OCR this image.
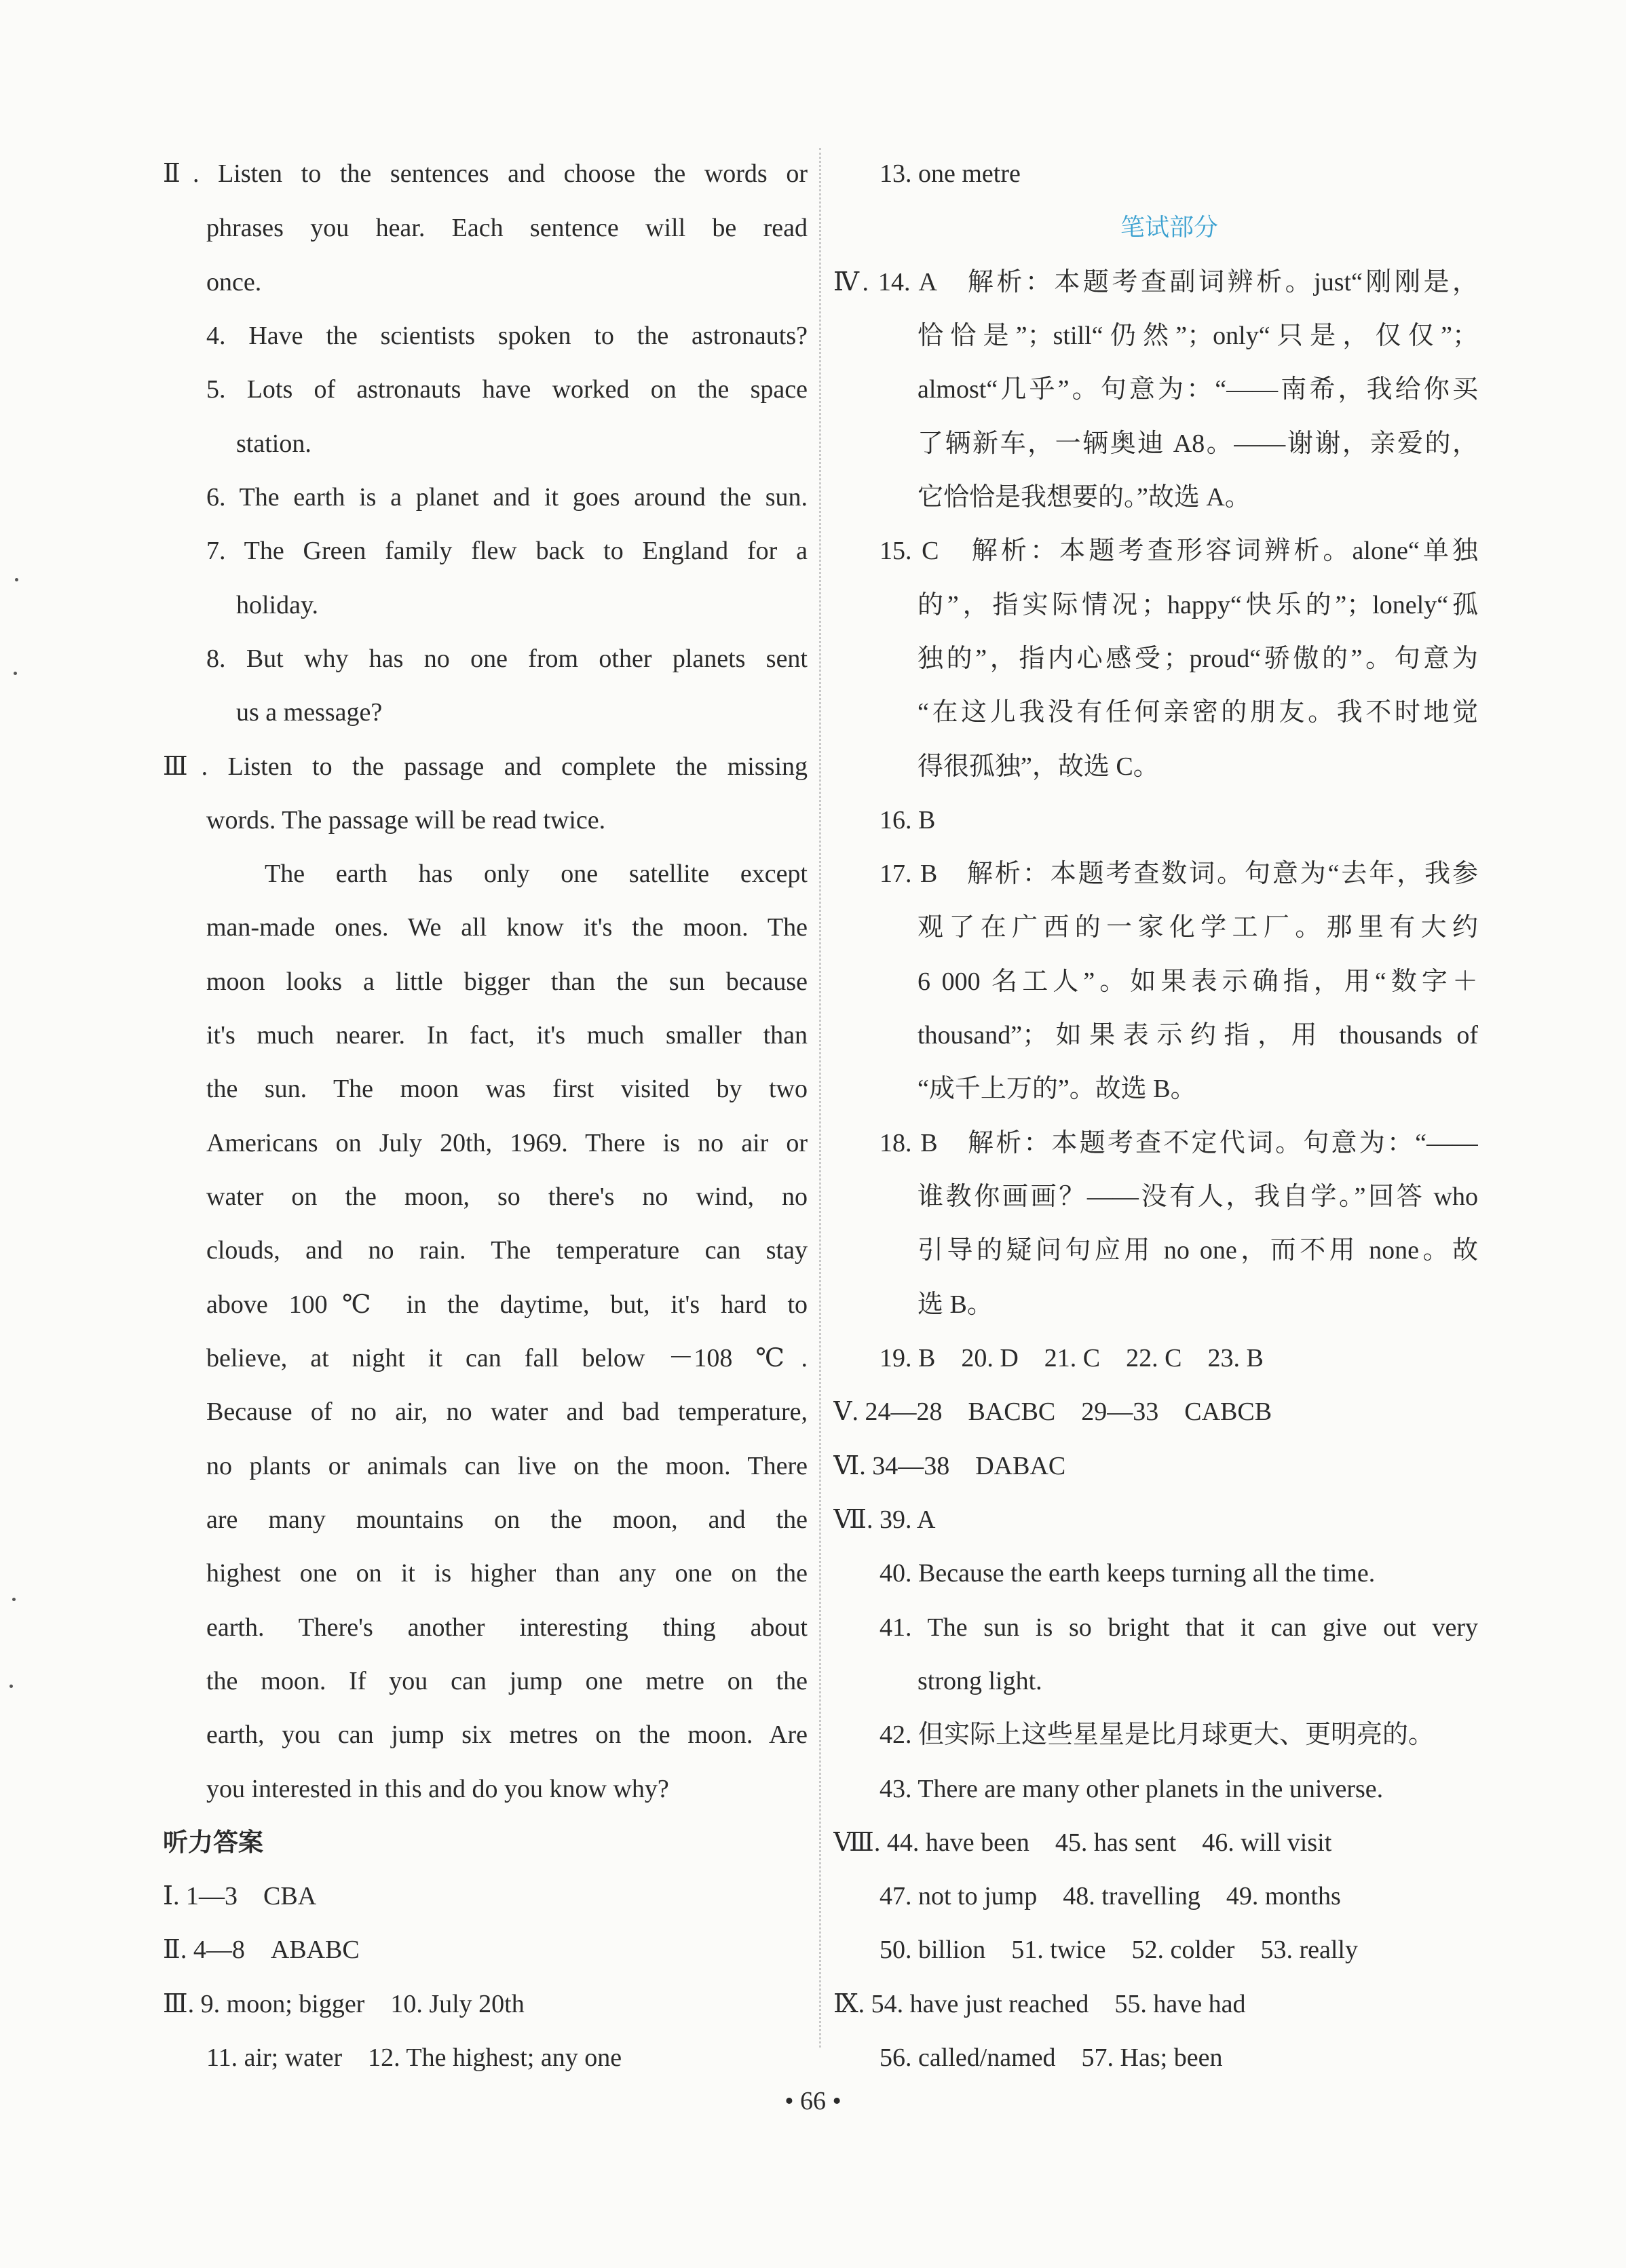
Ⅱ. Listen to the sentences and choose the words or
phrases you hear. Each sentence will be read
once.
4. Have the scientists spoken to the astronauts?
5. Lots of astronauts have worked on the space
station.
6. The earth is a planet and it goes around the sun.
7. The Green family flew back to England for a
holiday.
8. But why has no one from other planets sent
us a message?
Ⅲ. Listen to the passage and complete the missing
words. The passage will be read twice.
The earth has only one satellite except
man-made ones. We all know it's the moon. The
moon looks a little bigger than the sun because
it's much nearer. In fact, it's much smaller than
the sun. The moon was first visited by two
Americans on July 20th, 1969. There is no air or
water on the moon, so there's no wind, no
clouds, and no rain. The temperature can stay
above 100℃ in the daytime, but, it's hard to
believe, at night it can fall below －108 ℃.
Because of no air, no water and bad temperature,
no plants or animals can live on the moon. There
are many mountains on the moon, and the
highest one on it is higher than any one on the
earth. There's another interesting thing about
the moon. If you can jump one metre on the
earth, you can jump six metres on the moon. Are
you interested in this and do you know why?
听力答案
Ⅰ. 1—3　CBA
Ⅱ. 4—8　ABABC
Ⅲ. 9. moon; bigger　10. July 20th
11. air; water　12. The highest; any one
13. one metre
笔试部分
Ⅳ. 14. A　解析：本题考查副词辨析。just“刚刚是，
恰恰是”；still“仍然”；only“只是，仅仅”；
almost“几乎”。句意为：“——南希，我给你买
了辆新车，一辆奥迪 A8。——谢谢，亲爱的，
它恰恰是我想要的。”故选 A。
15. C　解析：本题考查形容词辨析。alone“单独
的”，指实际情况；happy“快乐的”；lonely“孤
独的”，指内心感受；proud“骄傲的”。句意为
“在这儿我没有任何亲密的朋友。我不时地觉
得很孤独”，故选 C。
16. B
17. B　解析：本题考查数词。句意为“去年，我参
观了在广西的一家化学工厂。那里有大约
6 000 名工人”。如果表示确指，用“数字＋
thousand”；如果表示约指，用 thousands of
“成千上万的”。故选 B。
18. B　解析：本题考查不定代词。句意为：“——
谁教你画画？——没有人，我自学。”回答 who
引导的疑问句应用 no one，而不用 none。故
选 B。
19. B　20. D　21. C　22. C　23. B
Ⅴ. 24—28　BACBC　29—33　CABCB
Ⅵ. 34—38　DABAC
Ⅶ. 39. A
40. Because the earth keeps turning all the time.
41. The sun is so bright that it can give out very
strong light.
42. 但实际上这些星星是比月球更大、更明亮的。
43. There are many other planets in the universe.
Ⅷ. 44. have been　45. has sent　46. will visit
47. not to jump　48. travelling　49. months
50. billion　51. twice　52. colder　53. really
Ⅸ. 54. have just reached　55. have had
56. called/named　57. Has; been
• 66 •
